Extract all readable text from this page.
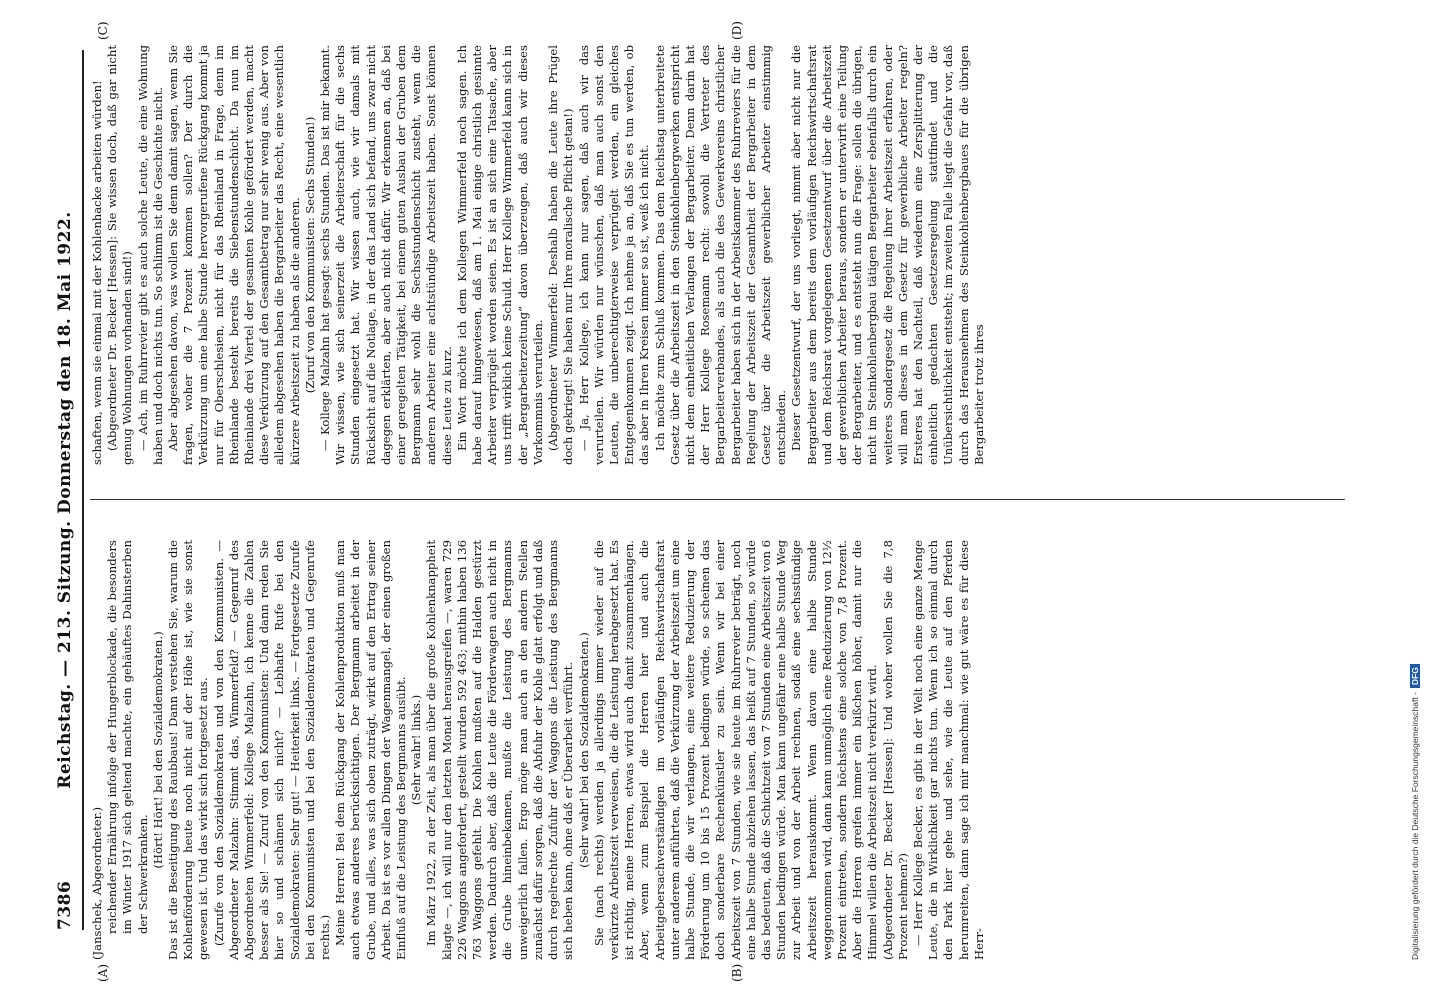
7386
Reichstag. — 213. Sitzung. Donnerstag den 18. Mai 1922.

(Janschek, Abgeordneter.) reichender Ernährung infolge der Hungerblockade, die besonders im Winter 1917 sich geltend machte, ein gehäuftes Dahinsterben der Schwerkranken.

(Hört! Hört! bei den Sozialdemokraten.) Das ist die Beseitigung des Raubbaus! Dann verstehen Sie, warum die Kohlenförderung heute noch nicht auf der Höhe ist, wie sie sonst gewesen ist. Und das wirkt sich fortgesetzt aus. (Zurufe von den Sozialdemokraten und von den Kommunisten. — Abgeordneter Malzahn: Stimmt das, Wimmerfeld? — Gegenruf des Abgeordneten Wimmerfeld: Kollege Malzahn, ich kenne die Zahlen besser als Sie! — Zuruf von den Kommunisten: Und dann reden Sie hier so und schämen sich nicht? — Lebhafte Rufe bei den Sozialdemokraten: Sehr gut! — Heiterkeit links. — Fortgesetzte Zurufe bei den Kommunisten und bei den Sozialdemokraten und Gegenrufe rechts.) Meine Herren! Bei dem Rückgang der Kohlenproduktion muß man auch etwas anderes berücksichtigen. Der Bergmann arbeitet in der Grube, und alles, was sich oben zuträgt, wirkt auf den Ertrag seiner Arbeit. Da ist es vor allen Dingen der Wagenmangel, der einen großen Einfluß auf die Leistung des Bergmanns ausübt. (Sehr wahr! links.) Im März 1922, zu der Zeit, als man über die große Kohlenknappheit klagte —, ich will nur den letzten Monat herausgreifen —, waren 729 226 Waggons angefordert, gestellt wurden 592 463; mithin haben 136 763 Waggons gefehlt. Die Kohlen mußten auf die Halden gestürzt werden. Dadurch aber, daß die Leute die Förderwagen auch nicht in die Grube hineinbekamen, mußte die Leistung des Bergmanns unweigerlich fallen. Ergo möge man auch an den andern Stellen zunächst dafür sorgen, daß die Abfuhr der Kohle glatt erfolgt und daß durch regelrechte Zufuhr der Waggons die Leistung des Bergmanns sich heben kann, ohne daß er Überarbeit verführt. (Sehr wahr! bei den Sozialdemokraten.) Sie (nach rechts) werden ja allerdings immer wieder auf die verkürzte Arbeitszeit verweisen, die die Leistung herabgesetzt hat. Es ist richtig, meine Herren, etwas wird auch damit zusammenhängen. Aber, wenn zum Beispiel die Herren hier und auch die Arbeitgebersachverständigen im vorläufigen Reichswirtschaftsrat unter anderem anführten, daß die Verkürzung der Arbeitszeit um eine halbe Stunde, die wir verlangen, eine weitere Reduzierung der Förderung um 10 bis 15 Prozent bedingen würde, so scheinen das doch sonderbare Rechenkünstler zu sein. Wenn wir bei einer Arbeitszeit von 7 Stunden, wie sie heute im Ruhrrevier beträgt, noch eine halbe Stunde abziehen lassen, das heißt auf 7 Stunden, so würde das bedeuten, daß die Schichtzeit von 7 Stunden eine Arbeitszeit von 6 Stunden bedingen würde. Man kann ungefähr eine halbe Stunde Weg zur Arbeit und von der Arbeit rechnen, sodaß eine sechsstündige Arbeitszeit herauskommt. Wenn davon eine halbe Stunde weggenommen wird, dann kann unmöglich eine Reduzierung von 12½ Prozent eintreten, sondern höchstens eine solche von 7,8 Prozent. Aber die Herren greifen immer ein bißchen höher, damit nur die Himmel willen die Arbeitszeit nicht verkürzt wird. (Abgeordneter Dr. Becker [Hessen]: Und woher wollen Sie die 7,8 Prozent nehmen?) — Herr Kollege Becker, es gibt in der Welt noch eine ganze Menge Leute, die in Wirklichkeit gar nichts tun. Wenn ich so einmal durch den Park hier gehe und sehe, wie die Leute auf den Pferden herumreiten, dann sage ich mir manchmal: wie gut wäre es für diese Herr-

schaften, wenn sie einmal mit der Kohlenhacke arbeiten würden! (Abgeordneter Dr. Becker [Hessen]: Sie wissen doch, daß gar nicht genug Wohnungen vorhanden sind!) — Ach, im Ruhrrevier gibt es auch solche Leute, die eine Wohnung haben und doch nichts tun. So schlimm ist die Geschichte nicht. Aber abgesehen davon, was wollen Sie denn damit sagen, wenn Sie fragen, woher die 7 Prozent kommen sollen? Der durch die Verkürzung um eine halbe Stunde hervorgerufene Rückgang kommt ja nur für Oberschlesien, nicht für das Rheinland in Frage, denn im Rheinlande besteht bereits die Siebenstundenschicht. Da nun im Rheinlande drei Viertel der gesamten Kohle gefördert werden, macht diese Verkürzung auf den Gesamtbetrag nur sehr wenig aus. Aber von alledem abgesehen haben die Bergarbeiter das Recht, eine wesentlich kürzere Arbeitszeit zu haben als die anderen. (Zuruf von den Kommunisten: Sechs Stunden!) — Kollege Malzahn hat gesagt: sechs Stunden. Das ist mir bekannt. Wir wissen, wie sich seinerzeit die Arbeiterschaft für die sechs Stunden eingesetzt hat. Wir wissen auch, wie wir damals mit Rücksicht auf die Notlage, in der das Land sich befand, uns zwar nicht dagegen erklärten, aber auch nicht dafür. Wir erkennen an, daß bei einer geregelten Tätigkeit, bei einem guten Ausbau der Gruben dem Bergmann sehr wohl die Sechsstundenschicht zusteht, wenn die anderen Arbeiter eine achtstündige Arbeitszeit haben. Sonst können diese Leute zu kurz. Ein Wort möchte ich dem Kollegen Wimmerfeld noch sagen. Ich habe darauf hingewiesen, daß am 1. Mai einige christlich gesinnte Arbeiter verprügelt worden seien. Es ist an sich eine Tatsache, aber uns trifft wirklich keine Schuld. Herr Kollege Wimmerfeld kann sich in der „Bergarbeiterzeitung“ davon überzeugen, daß auch wir dieses Vorkommnis verurteilen. (Abgeordneter Wimmerfeld: Deshalb haben die Leute ihre Prügel doch gekriegt! Sie haben nur Ihre moralische Pflicht getan!) — Ja, Herr Kollege, ich kann nur sagen, daß auch wir das verurteilen. Wir würden nur wünschen, daß man auch sonst den Leuten, die unberechtigterweise verprügelt werden, ein gleiches Entgegenkommen zeigt. Ich nehme ja an, daß Sie es tun werden, ob das aber in Ihren Kreisen immer so ist, weiß ich nicht. Ich möchte zum Schluß kommen. Das dem Reichstag unterbreitete Gesetz über die Arbeitszeit in den Steinkohlenbergwerken entspricht nicht dem einheitlichen Verlangen der Bergarbeiter. Denn darin hat der Herr Kollege Rosemann recht: sowohl die Vertreter des Bergarbeiterverbandes, als auch die des Gewerkvereins christlicher Bergarbeiter haben sich in der Arbeitskammer des Ruhrreviers für die Regelung der Arbeitszeit der Gesamtheit der Bergarbeiter in dem Gesetz über die Arbeitszeit gewerblicher Arbeiter einstimmig entschieden. Dieser Gesetzentwurf, der uns vorliegt, nimmt aber nicht nur die Bergarbeiter aus dem bereits dem vorläufigen Reichswirtschaftsrat und dem Reichsrat vorgelegenen Gesetzentwurf über die Arbeitszeit der gewerblichen Arbeiter heraus, sondern er unterwirft eine Teilung der Bergarbeiter, und es entsteht nun die Frage: sollen die übrigen, nicht im Steinkohlenbergbau tätigen Bergarbeiter ebenfalls durch ein weiteres Sondergesetz die Regelung ihrer Arbeitszeit erfahren, oder will man dieses in dem Gesetz für gewerbliche Arbeiter regeln? Ersteres hat den Nachteil, daß wiederum eine Zersplitterung der einheitlich gedachten Gesetzesregelung stattfindet und die Unübersichtlichkeit entsteht; im zweiten Falle liegt die Gefahr vor, daß durch das Herausnehmen des Steinkohlenbergbaues für die übrigen Bergarbeiter trotz ihres

(A)	(B)
(C)	(D)
Digitalisierung gefördert durch die Deutsche Forschungsgemeinschaft -DFG
